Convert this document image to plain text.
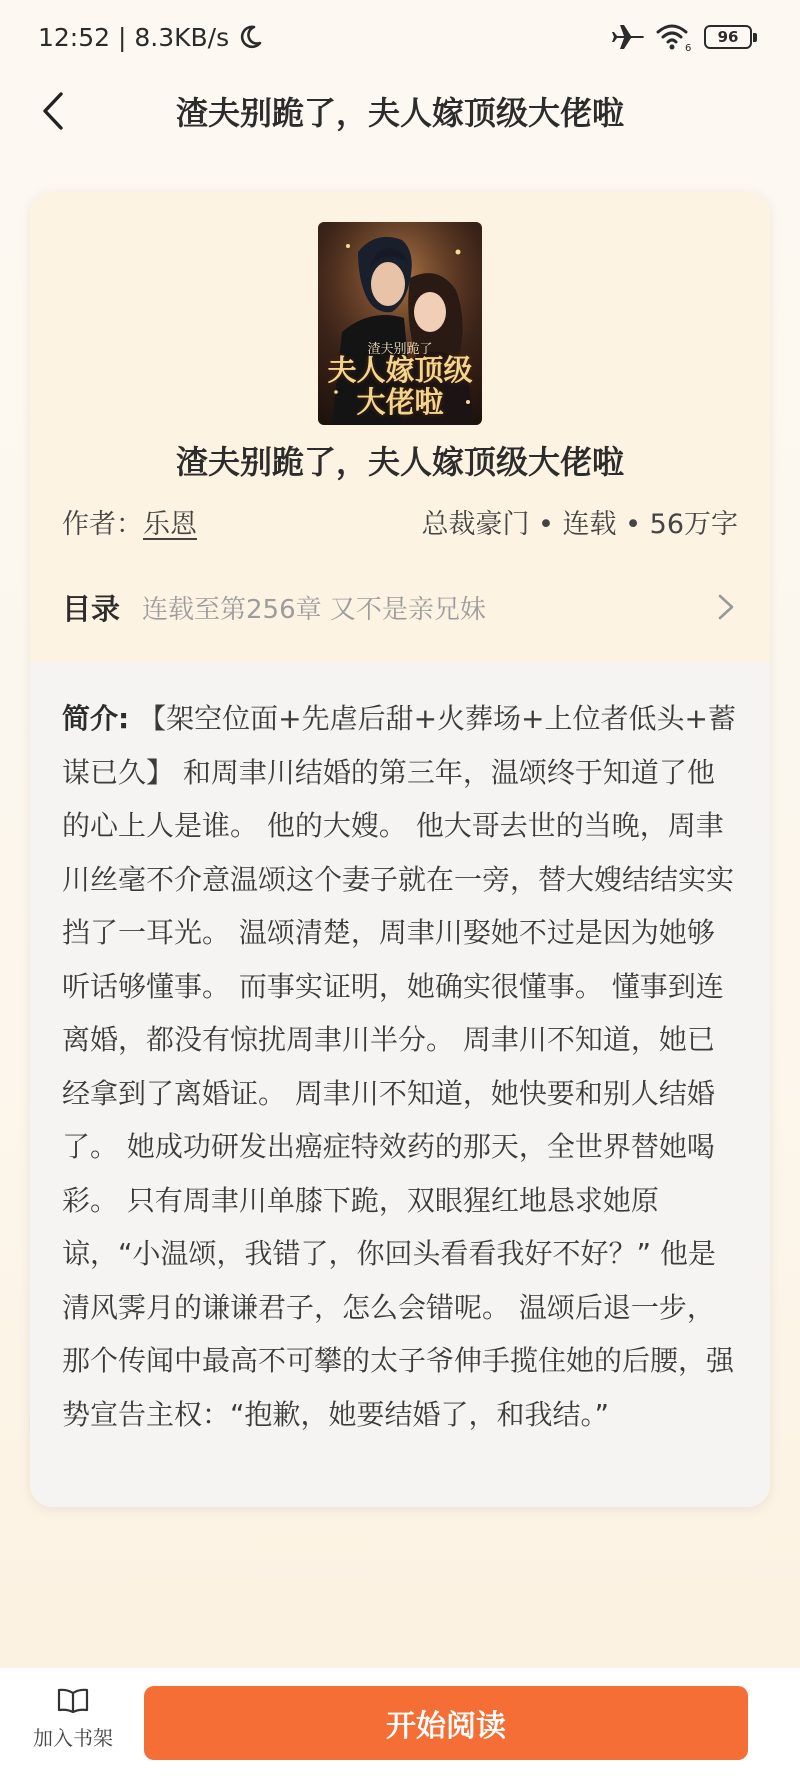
12:52 | 8.3KB/s	6
96
渣夫别跪了，夫人嫁顶级大佬啦
渣夫别跪了
夫人嫁顶级
大佬啦
渣夫别跪了，夫人嫁顶级大佬啦
作者：乐恩	总裁豪门 • 连载 • 56万字
目录 连载至第256章 又不是亲兄妹
简介: 【架空位面+先虐后甜+火葬场+上位者低头+蓄谋已久】 和周聿川结婚的第三年，温颂终于知道了他的心上人是谁。 他的大嫂。 他大哥去世的当晚，周聿川丝毫不介意温颂这个妻子就在一旁，替大嫂结结实实挡了一耳光。 温颂清楚，周聿川娶她不过是因为她够听话够懂事。 而事实证明，她确实很懂事。 懂事到连离婚，都没有惊扰周聿川半分。 周聿川不知道，她已经拿到了离婚证。 周聿川不知道，她快要和别人结婚了。 她成功研发出癌症特效药的那天，全世界替她喝彩。 只有周聿川单膝下跪，双眼猩红地恳求她原谅，“小温颂，我错了，你回头看看我好不好？” 他是清风霁月的谦谦君子，怎么会错呢。 温颂后退一步，那个传闻中最高不可攀的太子爷伸手揽住她的后腰，强势宣告主权：“抱歉，她要结婚了，和我结。”
加入书架	开始阅读
